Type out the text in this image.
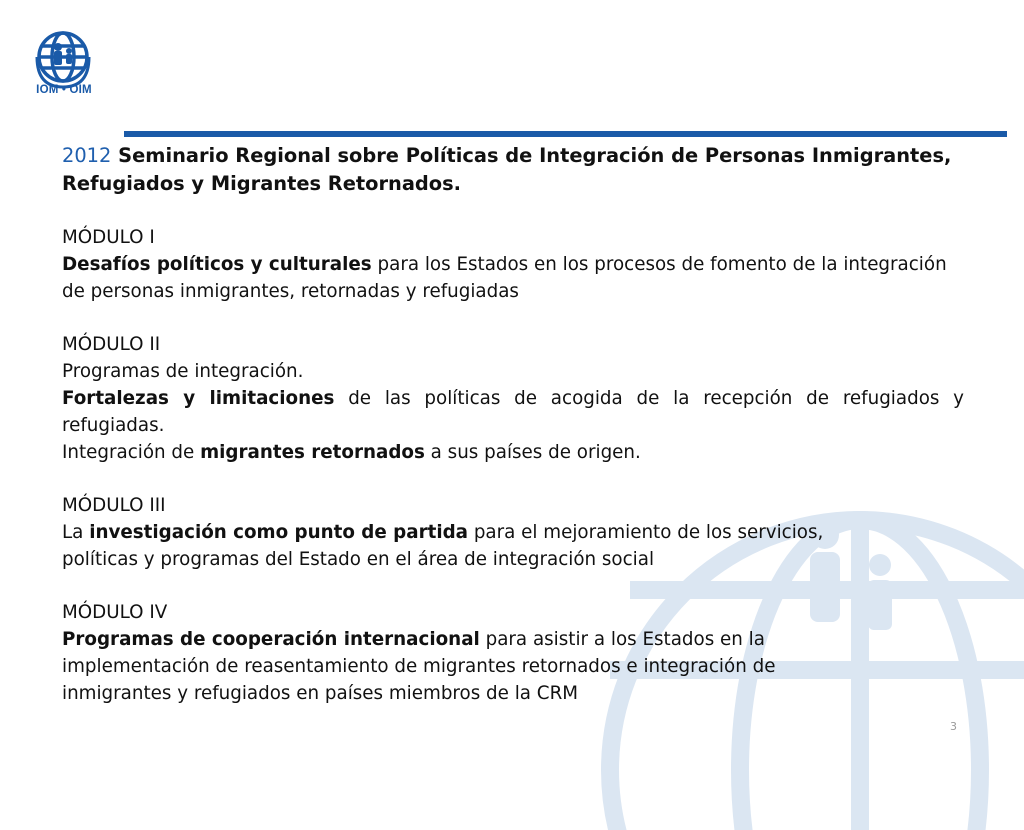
IOM • OIM

2012 Seminario Regional sobre Políticas de Integración de Personas Inmigrantes, Refugiados y Migrantes Retornados.

MÓDULO I

Desafíos políticos y culturales para los Estados en los procesos de fomento de la integración de personas inmigrantes, retornadas y refugiadas

MÓDULO II

Programas de integración.

Fortalezas y limitaciones de las políticas de acogida de la recepción de refugiados y refugiadas.

Integración de migrantes retornados a sus países de origen.

MÓDULO III

La investigación como punto de partida para el mejoramiento de los servicios,

políticas y programas del Estado en el área de integración social

MÓDULO IV

Programas de cooperación internacional para asistir a los Estados en la

implementación de reasentamiento de migrantes retornados e integración de

inmigrantes y refugiados en países miembros de la CRM

3
